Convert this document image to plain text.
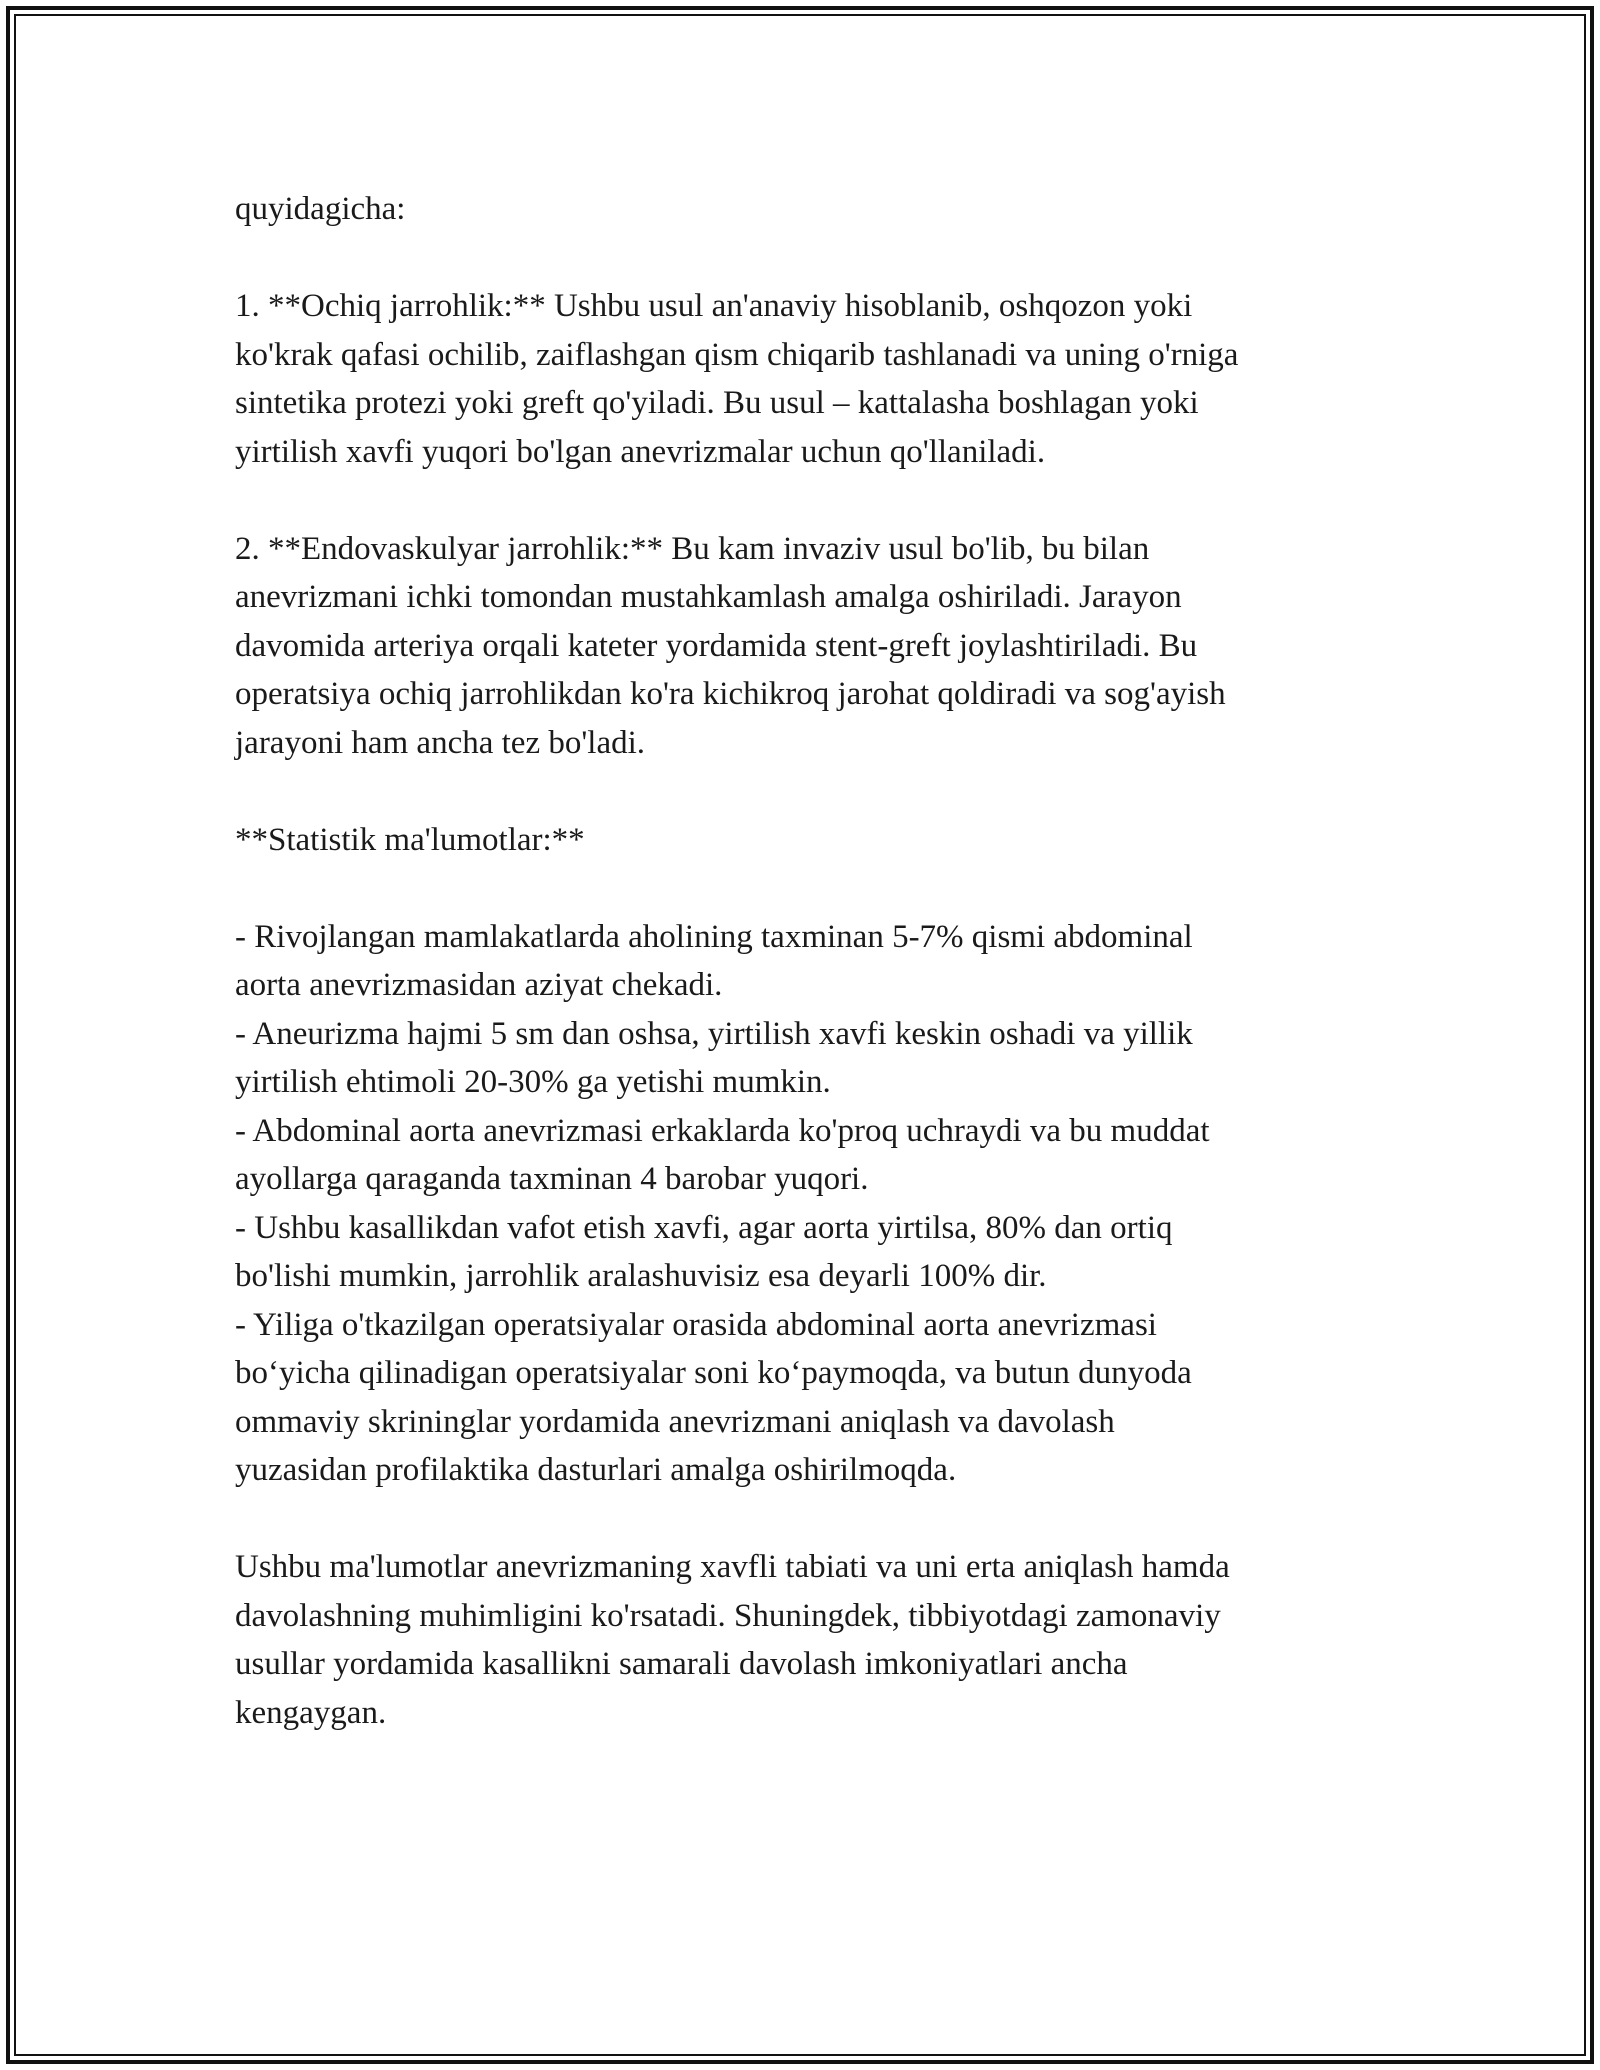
quyidagicha:
1. **Ochiq jarrohlik:** Ushbu usul an'anaviy hisoblanib, oshqozon yoki
ko'krak qafasi ochilib, zaiflashgan qism chiqarib tashlanadi va uning o'rniga
sintetika protezi yoki greft qo'yiladi. Bu usul – kattalasha boshlagan yoki
yirtilish xavfi yuqori bo'lgan anevrizmalar uchun qo'llaniladi.
2. **Endovaskulyar jarrohlik:** Bu kam invaziv usul bo'lib, bu bilan
anevrizmani ichki tomondan mustahkamlash amalga oshiriladi. Jarayon
davomida arteriya orqali kateter yordamida stent-greft joylashtiriladi. Bu
operatsiya ochiq jarrohlikdan ko'ra kichikroq jarohat qoldiradi va sog'ayish
jarayoni ham ancha tez bo'ladi.
**Statistik ma'lumotlar:**
- Rivojlangan mamlakatlarda aholining taxminan 5-7% qismi abdominal
aorta anevrizmasidan aziyat chekadi.
- Aneurizma hajmi 5 sm dan oshsa, yirtilish xavfi keskin oshadi va yillik
yirtilish ehtimoli 20-30% ga yetishi mumkin.
- Abdominal aorta anevrizmasi erkaklarda ko'proq uchraydi va bu muddat
ayollarga qaraganda taxminan 4 barobar yuqori.
- Ushbu kasallikdan vafot etish xavfi, agar aorta yirtilsa, 80% dan ortiq
bo'lishi mumkin, jarrohlik aralashuvisiz esa deyarli 100% dir.
- Yiliga o'tkazilgan operatsiyalar orasida abdominal aorta anevrizmasi
bo‘yicha qilinadigan operatsiyalar soni ko‘paymoqda, va butun dunyoda
ommaviy skrininglar yordamida anevrizmani aniqlash va davolash
yuzasidan profilaktika dasturlari amalga oshirilmoqda.
Ushbu ma'lumotlar anevrizmaning xavfli tabiati va uni erta aniqlash hamda
davolashning muhimligini ko'rsatadi. Shuningdek, tibbiyotdagi zamonaviy
usullar yordamida kasallikni samarali davolash imkoniyatlari ancha
kengaygan.
